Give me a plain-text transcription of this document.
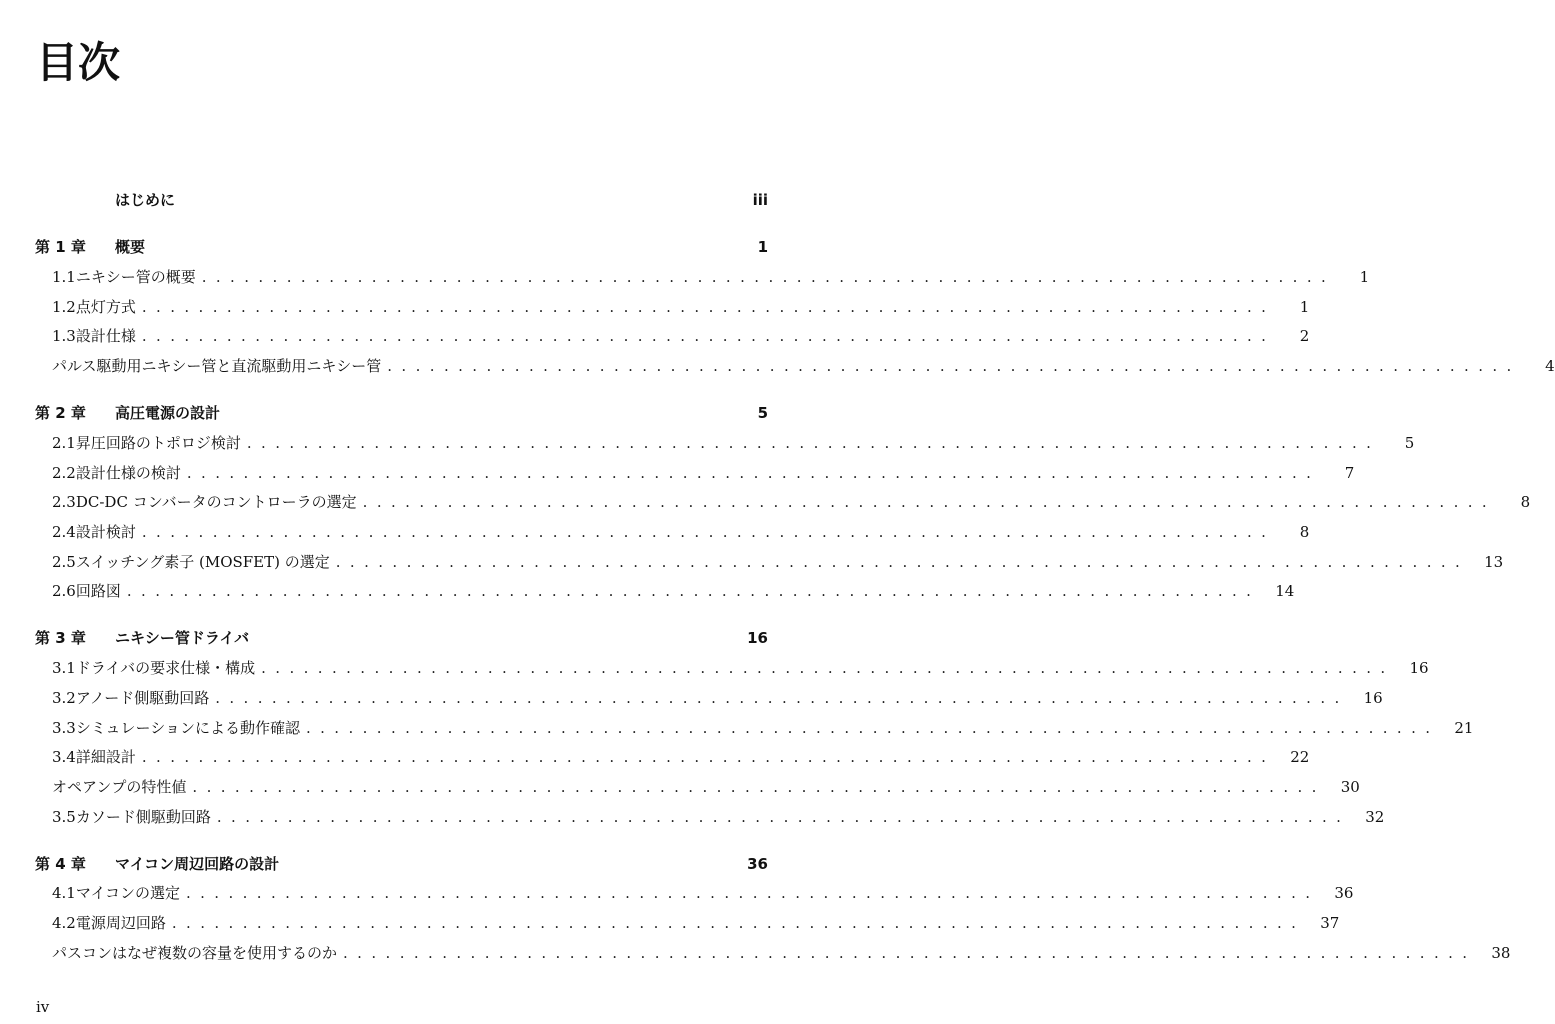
目次
はじめに	iii
第 1 章	概要	1
1.1 ニキシー管の概要 ................................................................................	1
1.2 点灯方式 ................................................................................	1
1.3 設計仕様 ................................................................................	2
パルス駆動用ニキシー管と直流駆動用ニキシー管 ................................................................................	4
第 2 章	高圧電源の設計	5
2.1 昇圧回路のトポロジ検討 ................................................................................	5
2.2 設計仕様の検討 ................................................................................	7
2.3 DC-DC コンバータのコントローラの選定 ................................................................................	8
2.4 設計検討 ................................................................................	8
2.5 スイッチング素子 (MOSFET) の選定 ................................................................................ 13
2.6 回路図 ................................................................................ 14
第 3 章	ニキシー管ドライバ	16
3.1 ドライバの要求仕様・構成 ................................................................................ 16
3.2 アノード側駆動回路 ................................................................................ 16
3.3 シミュレーションによる動作確認 ................................................................................ 21
3.4 詳細設計 ................................................................................ 22
オペアンプの特性値 ................................................................................ 30
3.5 カソード側駆動回路 ................................................................................ 32
第 4 章	マイコン周辺回路の設計	36
4.1 マイコンの選定 ................................................................................ 36
4.2 電源周辺回路 ................................................................................ 37
パスコンはなぜ複数の容量を使用するのか ................................................................................ 38
iv
